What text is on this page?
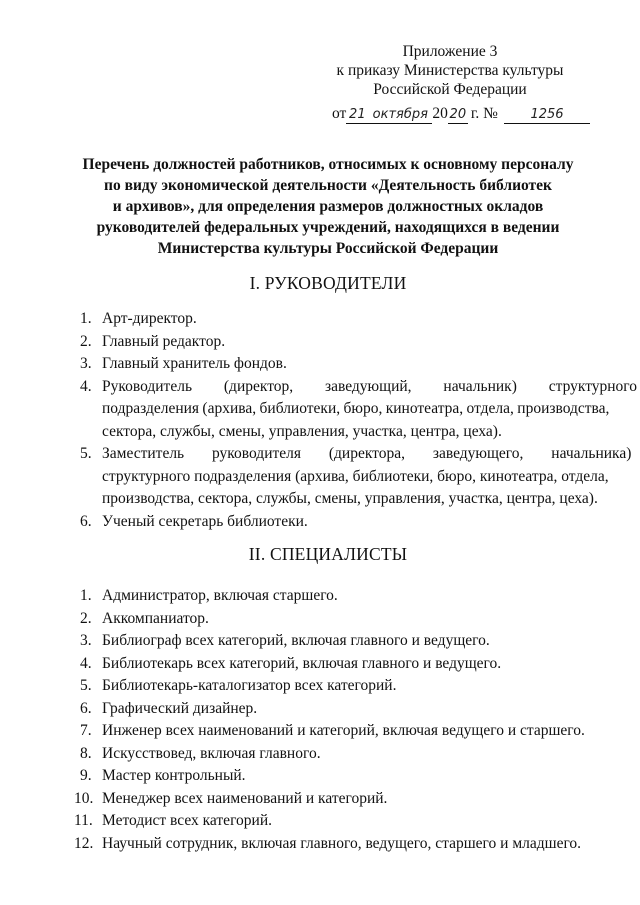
Приложение 3
к приказу Министерства культуры
Российской Федерации
от 21 октября 20 20 г. №	1256
Перечень должностей работников, относимых к основному персоналу
по виду экономической деятельности «Деятельность библиотек
и архивов», для определения размеров должностных окладов
руководителей федеральных учреждений, находящихся в ведении
Министерства культуры Российской Федерации
I. РУКОВОДИТЕЛИ
1. Арт-директор.
2. Главный редактор.
3. Главный хранитель фондов.
4. Руководитель (директор, заведующий, начальник) структурного
подразделения (архива, библиотеки, бюро, кинотеатра, отдела, производства,
сектора, службы, смены, управления, участка, центра, цеха).
5. Заместитель руководителя (директора, заведующего, начальника)
структурного подразделения (архива, библиотеки, бюро, кинотеатра, отдела,
производства, сектора, службы, смены, управления, участка, центра, цеха).
6. Ученый секретарь библиотеки.
II. СПЕЦИАЛИСТЫ
1. Администратор, включая старшего.
2. Аккомпаниатор.
3. Библиограф всех категорий, включая главного и ведущего.
4. Библиотекарь всех категорий, включая главного и ведущего.
5. Библиотекарь-каталогизатор всех категорий.
6. Графический дизайнер.
7. Инженер всех наименований и категорий, включая ведущего и старшего.
8. Искусствовед, включая главного.
9. Мастер контрольный.
10. Менеджер всех наименований и категорий.
11. Методист всех категорий.
12. Научный сотрудник, включая главного, ведущего, старшего и младшего.
